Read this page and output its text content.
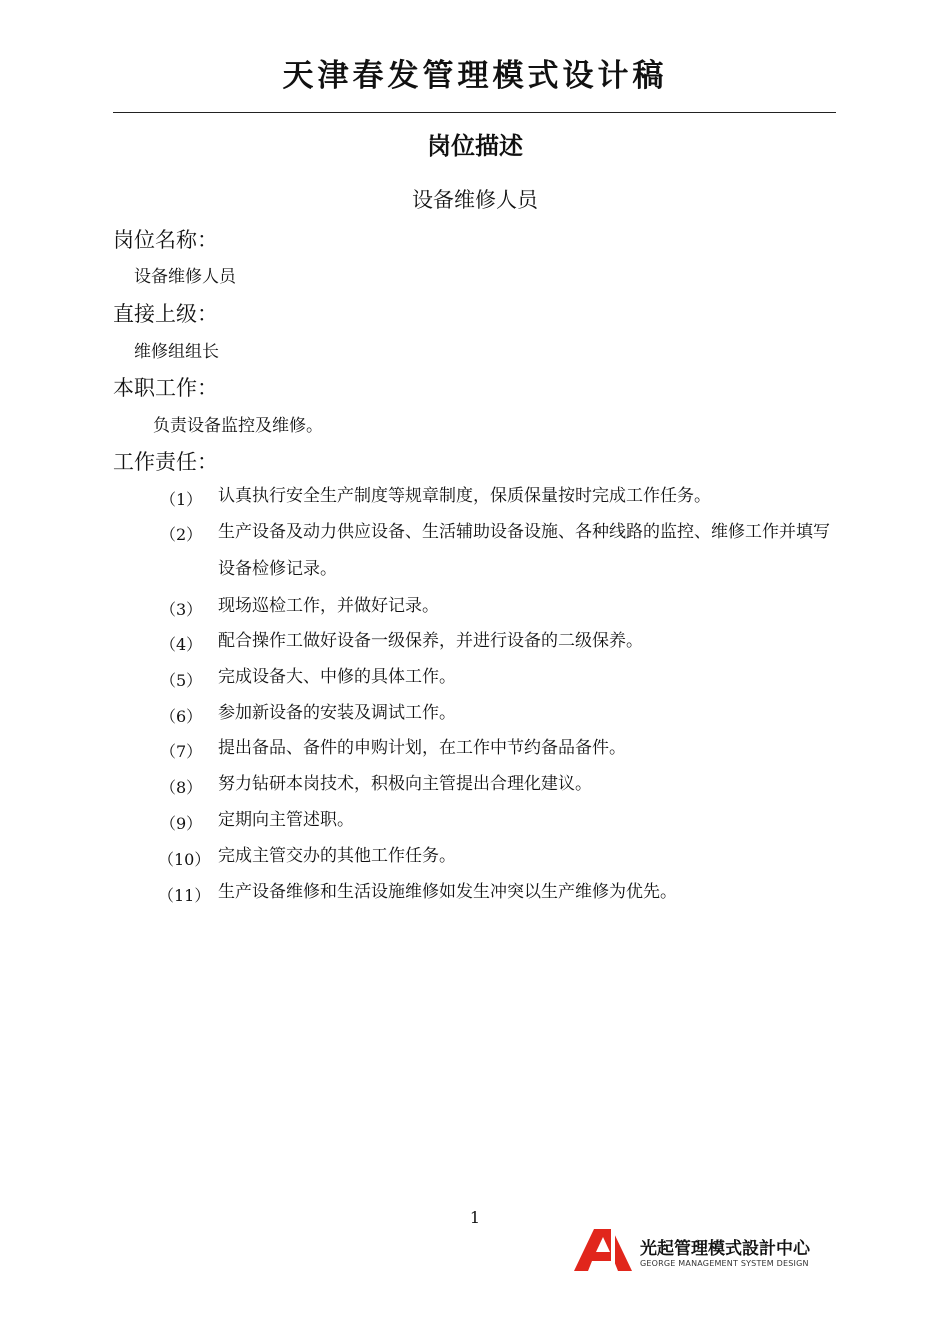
天津春发管理模式设计稿
岗位描述
设备维修人员
岗位名称：
设备维修人员
直接上级：
维修组组长
本职工作：
负责设备监控及维修。
工作责任：
（1） 认真执行安全生产制度等规章制度，保质保量按时完成工作任务。
（2） 生产设备及动力供应设备、生活辅助设备设施、各种线路的监控、维修工作并填写设备检修记录。
（3） 现场巡检工作，并做好记录。
（4） 配合操作工做好设备一级保养，并进行设备的二级保养。
（5） 完成设备大、中修的具体工作。
（6） 参加新设备的安装及调试工作。
（7） 提出备品、备件的申购计划，在工作中节约备品备件。
（8） 努力钻研本岗技术，积极向主管提出合理化建议。
（9） 定期向主管述职。
（10） 完成主管交办的其他工作任务。
（11） 生产设备维修和生活设施维修如发生冲突以生产维修为优先。
1
光起管理模式設計中心
GEORGE MANAGEMENT SYSTEM DESIGN
